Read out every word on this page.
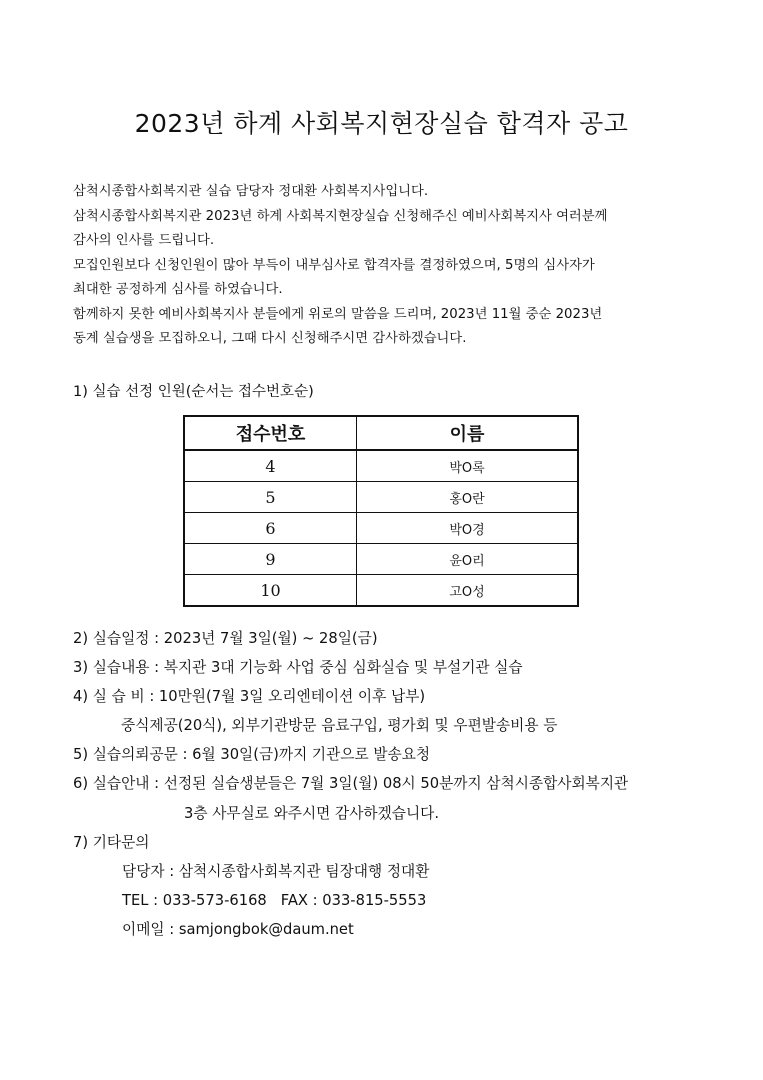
2023년 하계 사회복지현장실습 합격자 공고
삼척시종합사회복지관 실습 담당자 정대환 사회복지사입니다.
삼척시종합사회복지관 2023년 하계 사회복지현장실습 신청해주신 예비사회복지사 여러분께
감사의 인사를 드립니다.
모집인원보다 신청인원이 많아 부득이 내부심사로 합격자를 결정하였으며, 5명의 심사자가
최대한 공정하게 심사를 하였습니다.
함께하지 못한 예비사회복지사 분들에게 위로의 말씀을 드리며, 2023년 11월 중순 2023년
동계 실습생을 모집하오니, 그때 다시 신청해주시면 감사하겠습니다.
1) 실습 선정 인원(순서는 접수번호순)
접수번호	이름
4	박O록
5	홍O란
6	박O경
9	윤O리
10	고O성
2) 실습일정 : 2023년 7월 3일(월) ~ 28일(금)
3) 실습내용 : 복지관 3대 기능화 사업 중심 심화실습 및 부설기관 실습
4) 실 습 비 : 10만원(7월 3일 오리엔테이션 이후 납부)
중식제공(20식), 외부기관방문 음료구입, 평가회 및 우편발송비용 등
5) 실습의뢰공문 : 6월 30일(금)까지 기관으로 발송요청
6) 실습안내 : 선정된 실습생분들은 7월 3일(월) 08시 50분까지 삼척시종합사회복지관
3층 사무실로 와주시면 감사하겠습니다.
7) 기타문의
담당자 : 삼척시종합사회복지관 팀장대행 정대환
TEL : 033-573-6168   FAX : 033-815-5553
이메일 : samjongbok@daum.net
